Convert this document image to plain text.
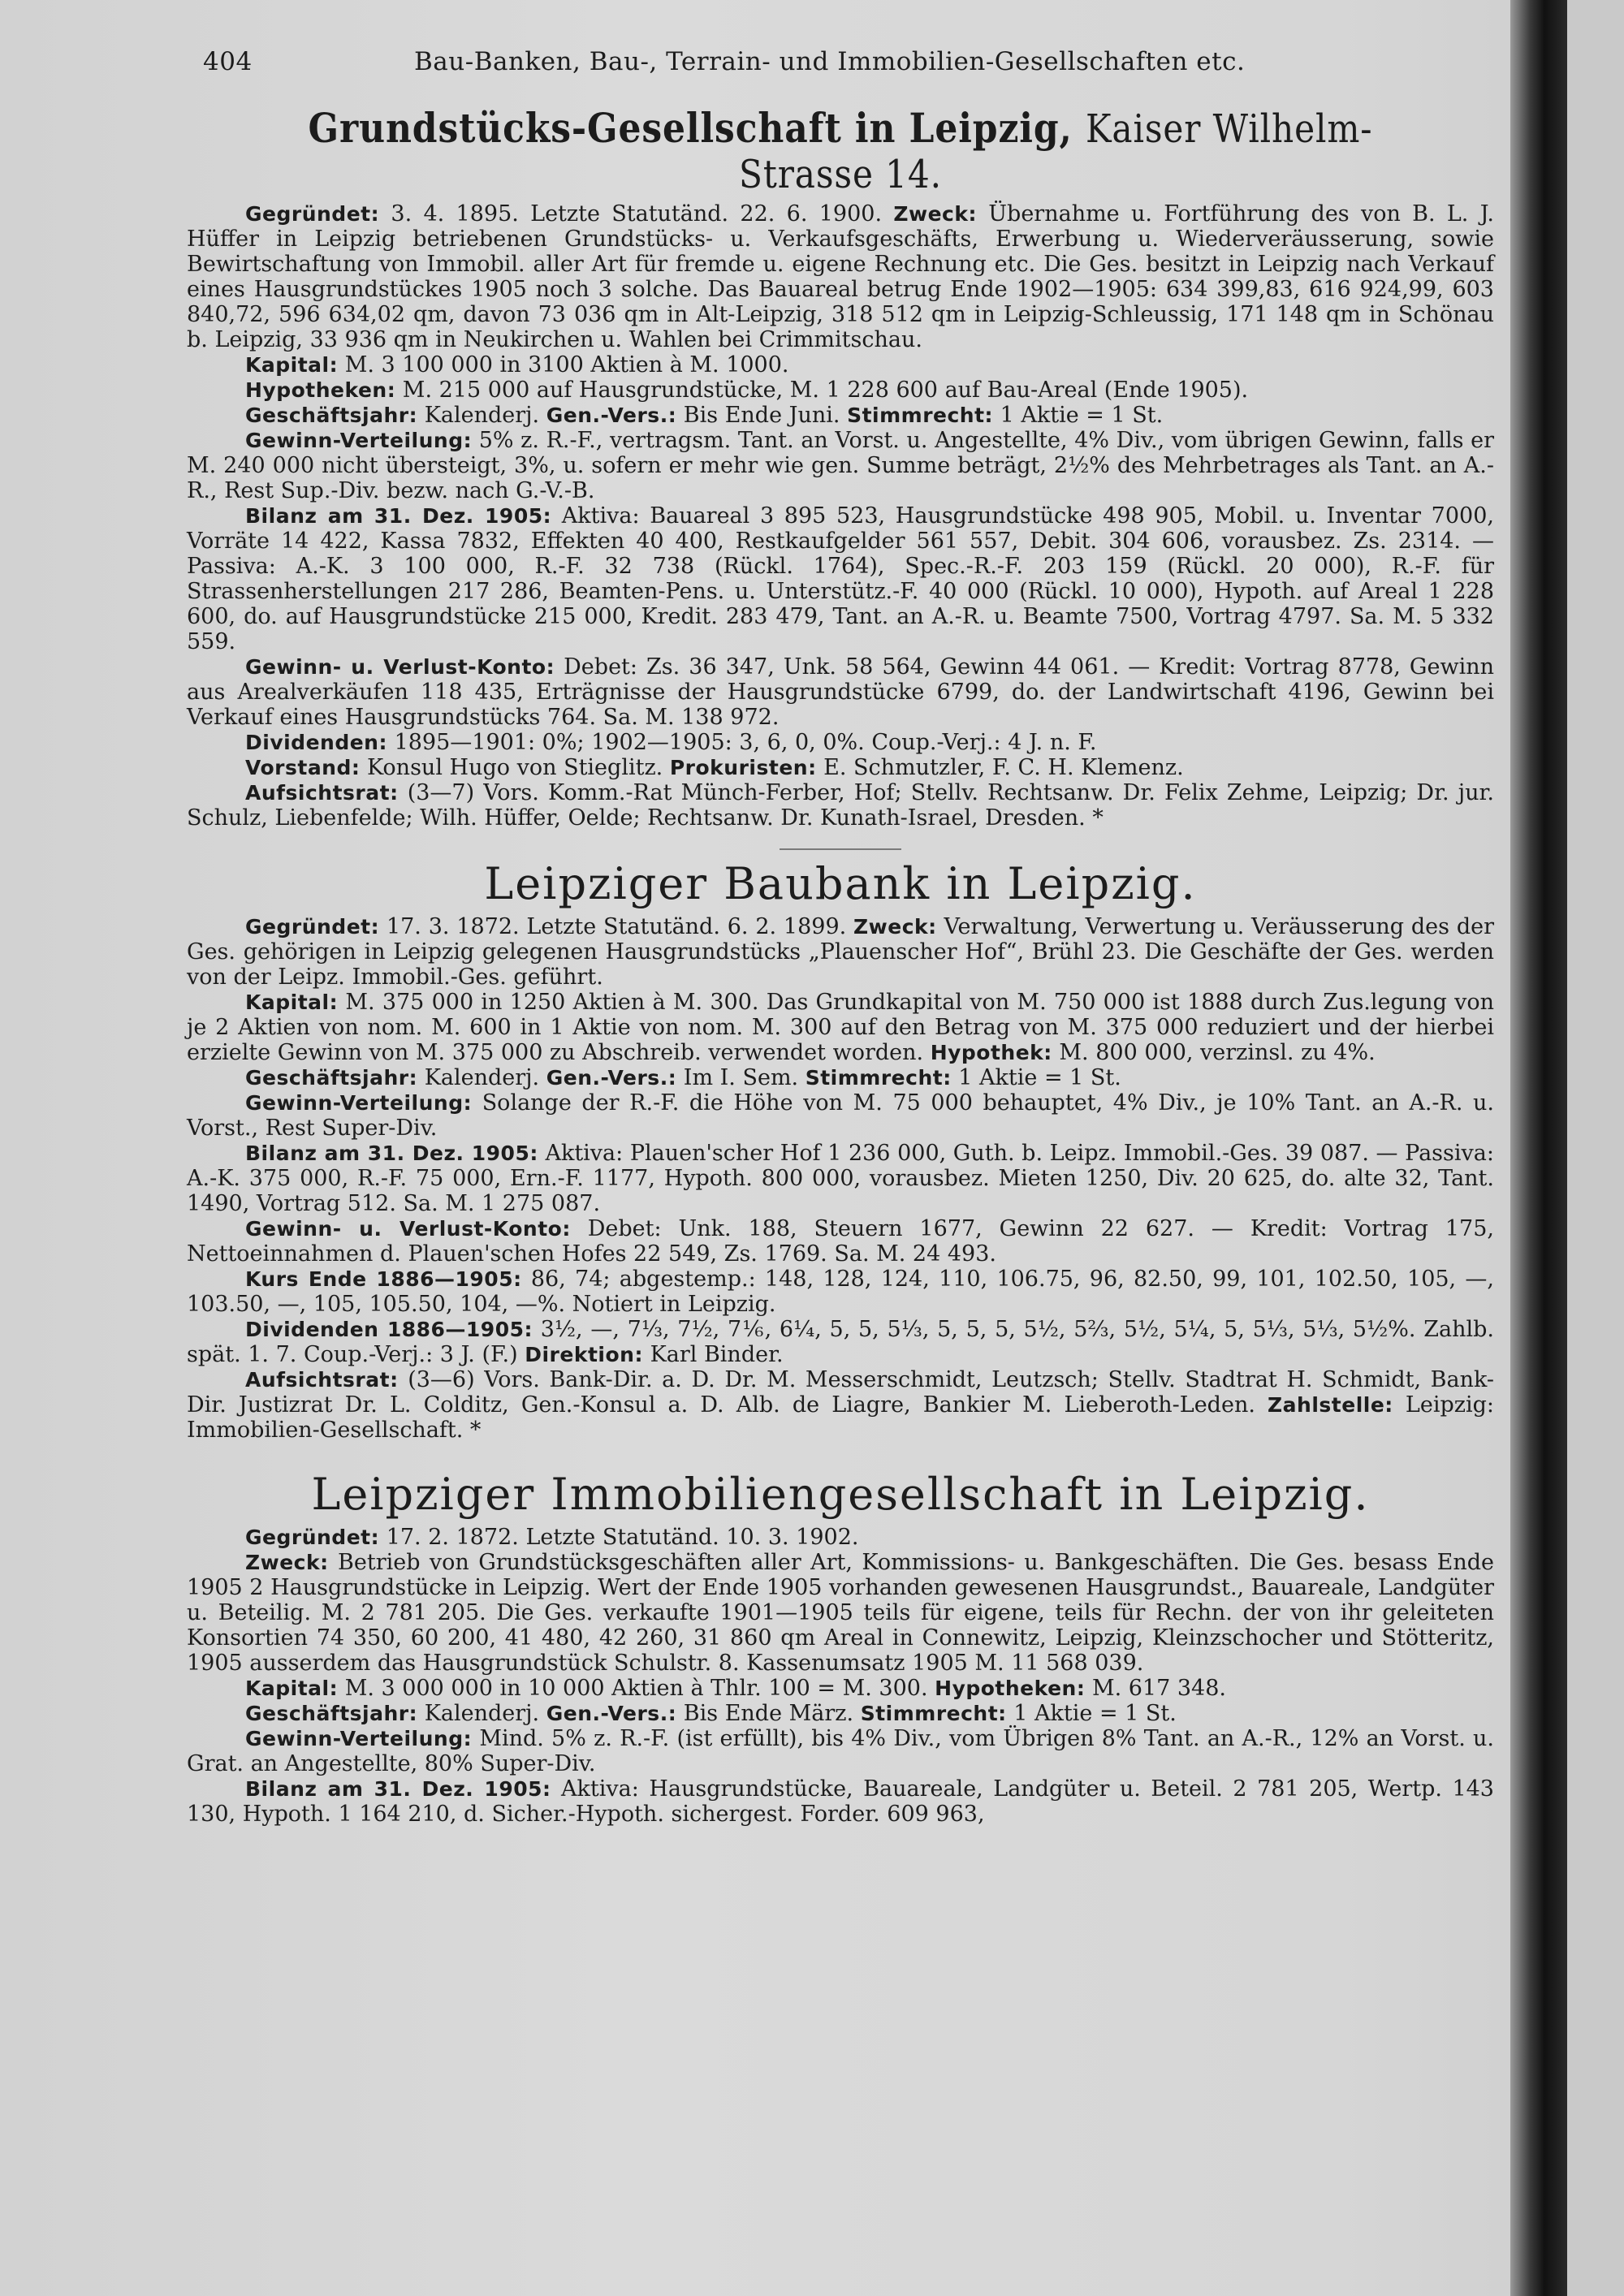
404	Bau-Banken, Bau-, Terrain- und Immobilien-Gesellschaften etc.
Grundstücks-Gesellschaft in Leipzig, Kaiser Wilhelm-Strasse 14.

Gegründet: 3. 4. 1895. Letzte Statutänd. 22. 6. 1900. Zweck: Übernahme u. Fortführung des von B. L. J. Hüffer in Leipzig betriebenen Grundstücks- u. Verkaufsgeschäfts, Erwerbung u. Wiederveräusserung, sowie Bewirtschaftung von Immobil. aller Art für fremde u. eigene Rechnung etc. Die Ges. besitzt in Leipzig nach Verkauf eines Hausgrundstückes 1905 noch 3 solche. Das Bauareal betrug Ende 1902—1905: 634 399,83, 616 924,99, 603 840,72, 596 634,02 qm, davon 73 036 qm in Alt-Leipzig, 318 512 qm in Leipzig-Schleussig, 171 148 qm in Schönau b. Leipzig, 33 936 qm in Neukirchen u. Wahlen bei Crimmitschau.

Kapital: M. 3 100 000 in 3100 Aktien à M. 1000.

Hypotheken: M. 215 000 auf Hausgrundstücke, M. 1 228 600 auf Bau-Areal (Ende 1905).

Geschäftsjahr: Kalenderj. Gen.-Vers.: Bis Ende Juni. Stimmrecht: 1 Aktie = 1 St.

Gewinn-Verteilung: 5% z. R.-F., vertragsm. Tant. an Vorst. u. Angestellte, 4% Div., vom übrigen Gewinn, falls er M. 240 000 nicht übersteigt, 3%, u. sofern er mehr wie gen. Summe beträgt, 2½% des Mehrbetrages als Tant. an A.-R., Rest Sup.-Div. bezw. nach G.-V.-B.

Bilanz am 31. Dez. 1905: Aktiva: Bauareal 3 895 523, Hausgrundstücke 498 905, Mobil. u. Inventar 7000, Vorräte 14 422, Kassa 7832, Effekten 40 400, Restkaufgelder 561 557, Debit. 304 606, vorausbez. Zs. 2314. — Passiva: A.-K. 3 100 000, R.-F. 32 738 (Rückl. 1764), Spec.-R.-F. 203 159 (Rückl. 20 000), R.-F. für Strassenherstellungen 217 286, Beamten-Pens. u. Unterstütz.-F. 40 000 (Rückl. 10 000), Hypoth. auf Areal 1 228 600, do. auf Hausgrundstücke 215 000, Kredit. 283 479, Tant. an A.-R. u. Beamte 7500, Vortrag 4797. Sa. M. 5 332 559.

Gewinn- u. Verlust-Konto: Debet: Zs. 36 347, Unk. 58 564, Gewinn 44 061. — Kredit: Vortrag 8778, Gewinn aus Arealverkäufen 118 435, Erträgnisse der Hausgrundstücke 6799, do. der Landwirtschaft 4196, Gewinn bei Verkauf eines Hausgrundstücks 764. Sa. M. 138 972.

Dividenden: 1895—1901: 0%; 1902—1905: 3, 6, 0, 0%. Coup.-Verj.: 4 J. n. F.

Vorstand: Konsul Hugo von Stieglitz. Prokuristen: E. Schmutzler, F. C. H. Klemenz.

Aufsichtsrat: (3—7) Vors. Komm.-Rat Münch-Ferber, Hof; Stellv. Rechtsanw. Dr. Felix Zehme, Leipzig; Dr. jur. Schulz, Liebenfelde; Wilh. Hüffer, Oelde; Rechtsanw. Dr. Kunath-Israel, Dresden. *

Leipziger Baubank in Leipzig.

Gegründet: 17. 3. 1872. Letzte Statutänd. 6. 2. 1899. Zweck: Verwaltung, Verwertung u. Veräusserung des der Ges. gehörigen in Leipzig gelegenen Hausgrundstücks „Plauenscher Hof“, Brühl 23. Die Geschäfte der Ges. werden von der Leipz. Immobil.-Ges. geführt.

Kapital: M. 375 000 in 1250 Aktien à M. 300. Das Grundkapital von M. 750 000 ist 1888 durch Zus.legung von je 2 Aktien von nom. M. 600 in 1 Aktie von nom. M. 300 auf den Betrag von M. 375 000 reduziert und der hierbei erzielte Gewinn von M. 375 000 zu Abschreib. verwendet worden. Hypothek: M. 800 000, verzinsl. zu 4%.

Geschäftsjahr: Kalenderj. Gen.-Vers.: Im I. Sem. Stimmrecht: 1 Aktie = 1 St.

Gewinn-Verteilung: Solange der R.-F. die Höhe von M. 75 000 behauptet, 4% Div., je 10% Tant. an A.-R. u. Vorst., Rest Super-Div.

Bilanz am 31. Dez. 1905: Aktiva: Plauen'scher Hof 1 236 000, Guth. b. Leipz. Immobil.-Ges. 39 087. — Passiva: A.-K. 375 000, R.-F. 75 000, Ern.-F. 1177, Hypoth. 800 000, vorausbez. Mieten 1250, Div. 20 625, do. alte 32, Tant. 1490, Vortrag 512. Sa. M. 1 275 087.

Gewinn- u. Verlust-Konto: Debet: Unk. 188, Steuern 1677, Gewinn 22 627. — Kredit: Vortrag 175, Nettoeinnahmen d. Plauen'schen Hofes 22 549, Zs. 1769. Sa. M. 24 493.

Kurs Ende 1886—1905: 86, 74; abgestemp.: 148, 128, 124, 110, 106.75, 96, 82.50, 99, 101, 102.50, 105, —, 103.50, —, 105, 105.50, 104, —%. Notiert in Leipzig.

Dividenden 1886—1905: 3½, —, 7⅓, 7½, 7⅙, 6¼, 5, 5, 5⅓, 5, 5, 5, 5½, 5⅔, 5½, 5¼, 5, 5⅓, 5⅓, 5½%. Zahlb. spät. 1. 7. Coup.-Verj.: 3 J. (F.) Direktion: Karl Binder.

Aufsichtsrat: (3—6) Vors. Bank-Dir. a. D. Dr. M. Messerschmidt, Leutzsch; Stellv. Stadtrat H. Schmidt, Bank-Dir. Justizrat Dr. L. Colditz, Gen.-Konsul a. D. Alb. de Liagre, Bankier M. Lieberoth-Leden. Zahlstelle: Leipzig: Immobilien-Gesellschaft. *

Leipziger Immobiliengesellschaft in Leipzig.

Gegründet: 17. 2. 1872. Letzte Statutänd. 10. 3. 1902.

Zweck: Betrieb von Grundstücksgeschäften aller Art, Kommissions- u. Bankgeschäften. Die Ges. besass Ende 1905 2 Hausgrundstücke in Leipzig. Wert der Ende 1905 vorhanden gewesenen Hausgrundst., Bauareale, Landgüter u. Beteilig. M. 2 781 205. Die Ges. verkaufte 1901—1905 teils für eigene, teils für Rechn. der von ihr geleiteten Konsortien 74 350, 60 200, 41 480, 42 260, 31 860 qm Areal in Connewitz, Leipzig, Kleinzschocher und Stötteritz, 1905 ausserdem das Hausgrundstück Schulstr. 8. Kassenumsatz 1905 M. 11 568 039.

Kapital: M. 3 000 000 in 10 000 Aktien à Thlr. 100 = M. 300. Hypotheken: M. 617 348.

Geschäftsjahr: Kalenderj. Gen.-Vers.: Bis Ende März. Stimmrecht: 1 Aktie = 1 St.

Gewinn-Verteilung: Mind. 5% z. R.-F. (ist erfüllt), bis 4% Div., vom Übrigen 8% Tant. an A.-R., 12% an Vorst. u. Grat. an Angestellte, 80% Super-Div.

Bilanz am 31. Dez. 1905: Aktiva: Hausgrundstücke, Bauareale, Landgüter u. Beteil. 2 781 205, Wertp. 143 130, Hypoth. 1 164 210, d. Sicher.-Hypoth. sichergest. Forder. 609 963,
